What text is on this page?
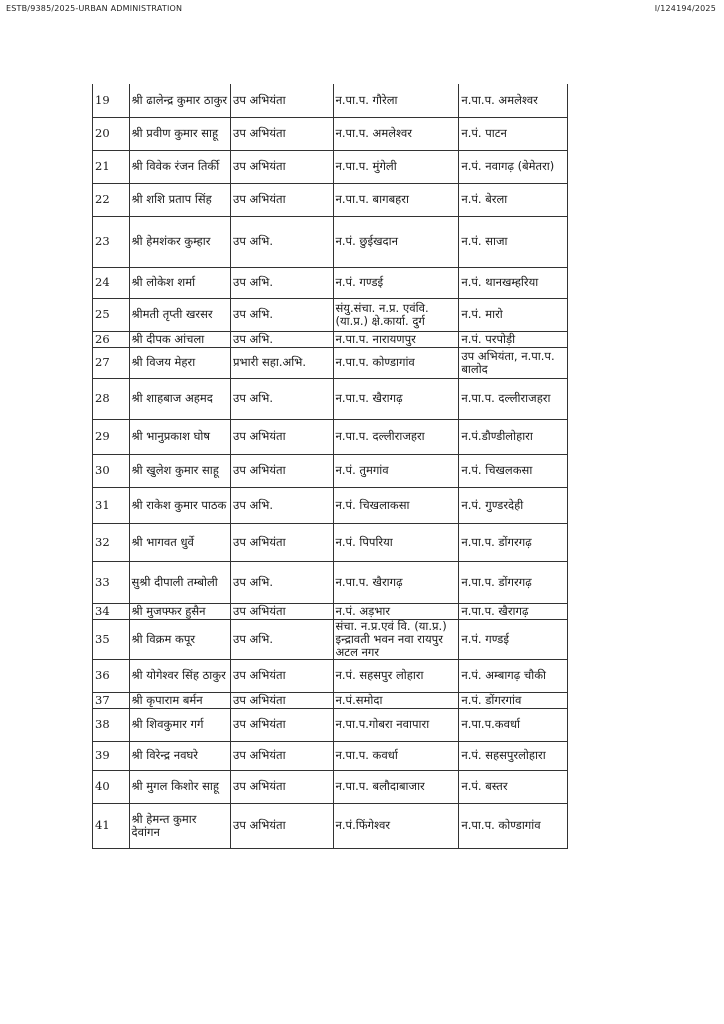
ESTB/9385/2025-URBAN ADMINISTRATION	I/124194/2025
19	श्री ढालेन्द्र कुमार ठाकुर	उप अभियंता	न.पा.प. गौरेला	न.पा.प. अमलेश्वर
20	श्री प्रवीण कुमार साहू	उप अभियंता	न.पा.प. अमलेश्वर	न.पं. पाटन
21	श्री विवेक रंजन तिर्की	उप अभियंता	न.पा.प. मुंगेली	न.पं. नवागढ़ (बेमेतरा)
22	श्री शशि प्रताप सिंह	उप अभियंता	न.पा.प. बागबहरा	न.पं. बेरला
23	श्री हेमशंकर कुम्हार	उप अभि.	न.पं. छुईखदान	न.पं. साजा
24	श्री लोकेश शर्मा	उप अभि.	न.पं. गण्डई	न.पं. थानखम्हरिया
25	श्रीमती तृप्ती खरसर	उप अभि.	संयु.संचा. न.प्र. एवंवि. (या.प्र.) क्षे.कार्या. दुर्ग	न.पं. मारो
26	श्री दीपक आंचला	उप अभि.	न.पा.प. नारायणपुर	न.पं. परपोड़ी
27	श्री विजय मेहरा	प्रभारी सहा.अभि.	न.पा.प. कोण्डागांव	उप अभियंता, न.पा.प. बालोद
28	श्री शाहबाज अहमद	उप अभि.	न.पा.प. खैरागढ़	न.पा.प. दल्लीराजहरा
29	श्री भानुप्रकाश घोष	उप अभियंता	न.पा.प. दल्लीराजहरा	न.पं.डौण्डीलोहारा
30	श्री खुलेश कुमार साहू	उप अभियंता	न.पं. तुमगांव	न.पं. चिखलकसा
31	श्री राकेश कुमार पाठक	उप अभि.	न.पं. चिखलाकसा	न.पं. गुण्डरदेही
32	श्री भागवत धुर्वे	उप अभियंता	न.पं. पिपरिया	न.पा.प. डोंगरगढ़
33	सुश्री दीपाली तम्बोली	उप अभि.	न.पा.प. खैरागढ़	न.पा.प. डोंगरगढ़
34	श्री मुजफ्फर हुसैन	उप अभियंता	न.पं. अड़भार	न.पा.प. खैरागढ़
35	श्री विक्रम कपूर	उप अभि.	संचा. न.प्र.एवं वि. (या.प्र.) इन्द्रावती भवन नवा रायपुर अटल नगर	न.पं. गण्डई
36	श्री योगेश्वर सिंह ठाकुर	उप अभियंता	न.पं. सहसपुर लोहारा	न.पं. अम्बागढ़ चौकी
37	श्री कृपाराम बर्मन	उप अभियंता	न.पं.समोदा	न.पं. डोंगरगांव
38	श्री शिवकुमार गर्ग	उप अभियंता	न.पा.प.गोबरा नवापारा	न.पा.प.कवर्धा
39	श्री विरेन्द्र नवघरे	उप अभियंता	न.पा.प. कवर्धा	न.पं. सहसपुरलोहारा
40	श्री मुगल किशोर साहू	उप अभियंता	न.पा.प. बलौदाबाजार	न.पं. बस्तर
41	श्री हेमन्त कुमार देवांगन	उप अभियंता	न.पं.फिंगेश्वर	न.पा.प. कोण्डागांव
